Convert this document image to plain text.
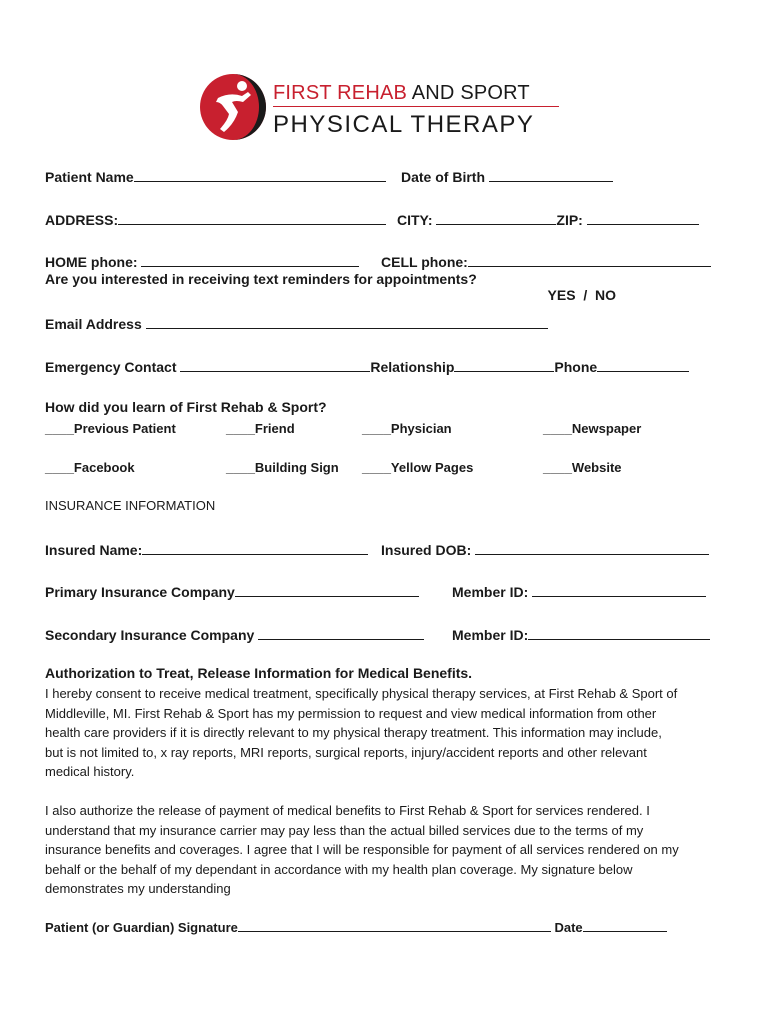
FIRST REHAB AND SPORT
PHYSICAL THERAPY
Patient Name	Date of Birth
ADDRESS:	CITY:	ZIP:
HOME phone:	CELL phone:
Are you interested in receiving text reminders for appointments?

YES  /  NO

Email Address
Emergency Contact	Relationship	Phone
How did you learn of First Rehab & Sport?
____Previous Patient	____Friend	____Physician	____Newspaper
____Facebook	____Building Sign ____Yellow Pages	____Website
INSURANCE INFORMATION
Insured Name:	Insured DOB:
Primary Insurance Company	Member ID:
Secondary Insurance Company	Member ID:
Authorization to Treat, Release Information for Medical Benefits.
I hereby consent to receive medical treatment, specifically physical therapy services, at First Rehab & Sport of
Middleville, MI. First Rehab & Sport has my permission to request and view medical information from other
health care providers if it is directly relevant to my physical therapy treatment. This information may include,
but is not limited to, x ray reports, MRI reports, surgical reports, injury/accident reports and other relevant
medical history.
I also authorize the release of payment of medical benefits to First Rehab & Sport for services rendered. I
understand that my insurance carrier may pay less than the actual billed services due to the terms of my
insurance benefits and coverages. I agree that I will be responsible for payment of all services rendered on my
behalf or the behalf of my dependant in accordance with my health plan coverage. My signature below
demonstrates my understanding
Patient (or Guardian) Signature	Date
